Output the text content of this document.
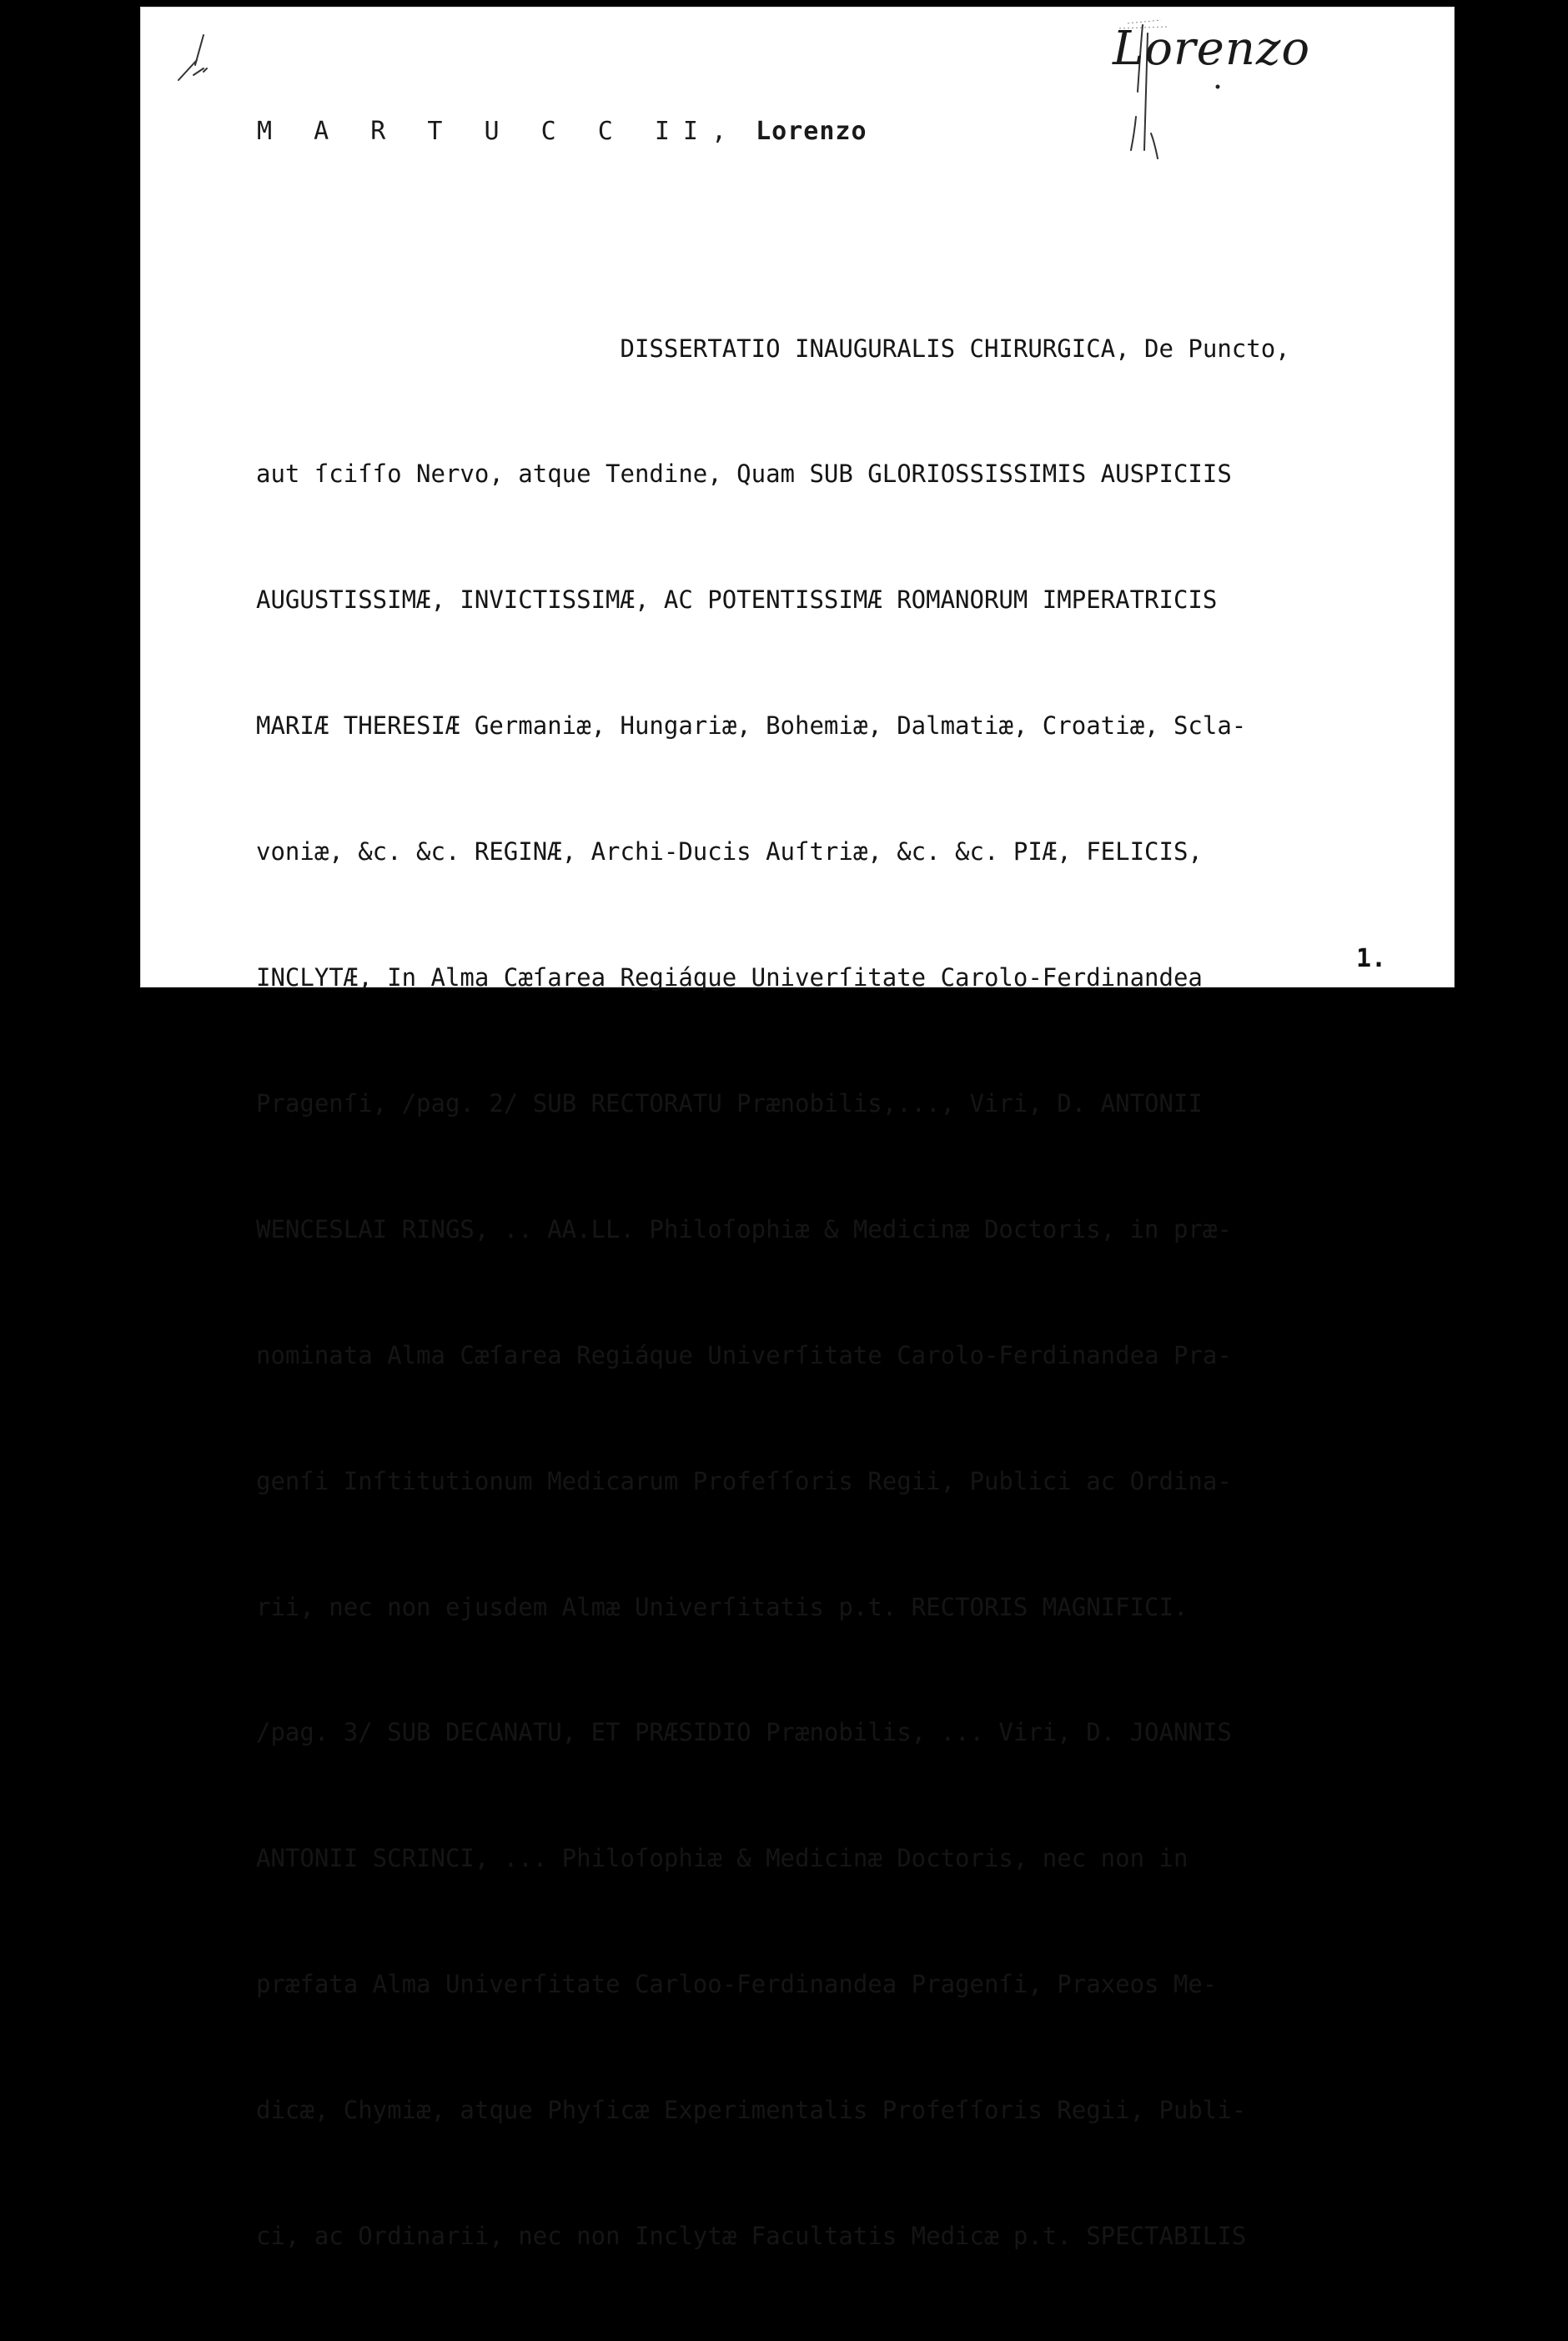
Lorenzo
M A R T U C C II, Lorenzo

DISSERTATIO INAUGURALIS CHIRURGICA, De Puncto,

aut ſciſſo Nervo, atque Tendine, Quam SUB GLORIOSSISSIMIS AUSPICIIS

AUGUSTISSIMÆ, INVICTISSIMÆ, AC POTENTISSIMÆ ROMANORUM IMPERATRICIS

MARIÆ THERESIÆ Germaniæ, Hungariæ, Bohemiæ, Dalmatiæ, Croatiæ, Scla-

voniæ, &c. &c. REGINÆ, Archi-Ducis Auſtriæ, &c. &c. PIÆ, FELICIS,

INCLYTÆ, In Alma Cæſarea Regiáque Univerſitate Carolo-Ferdinandea

Pragenſi, /pag. 2/ SUB RECTORATU Prænobilis,..., Viri, D. ANTONII

WENCESLAI RINGS, .. AA.LL. Philoſophiæ & Medicinæ Doctoris, in præ-

nominata Alma Cæſarea Regiáque Univerſitate Carolo-Ferdinandea Pra-

genſi Inſtitutionum Medicarum Profeſſoris Regii, Publici ac Ordina-

rii, nec non ejusdem Almæ Univerſitatis p.t. RECTORIS MAGNIFICI.

/pag. 3/ SUB DECANATU, ET PRÆSIDIO Prænobilis, ... Viri, D. JOANNIS

ANTONII SCRINCI, ... Philoſophiæ & Medicinæ Doctoris, nec non in

præfata Alma Univerſitate Carloo-Ferdinandea Pragenſi, Praxeos Me-

dicæ, Chymiæ, atque Phyſicæ Experimentalis Profeſſoris Regii, Publi-

ci, ac Ordinarii, nec non Inclytæ Facultatis Medicæ p.t. SPECTABILIS

1.
